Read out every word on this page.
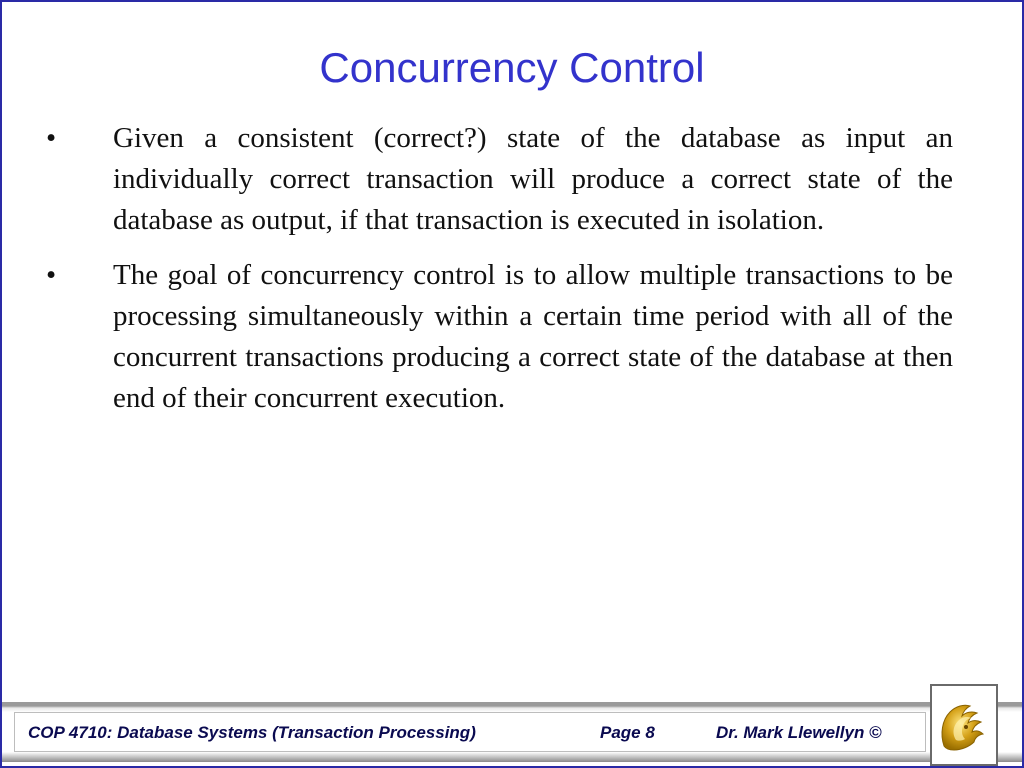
Concurrency Control
• Given a consistent (correct?) state of the database as input an individually correct transaction will produce a correct state of the database as output, if that transaction is executed in isolation.
• The goal of concurrency control is to allow multiple transactions to be processing simultaneously within a certain time period with all of the concurrent transactions producing a correct state of the database at then end of their concurrent execution.
COP 4710: Database Systems (Transaction Processing)	Page 8	Dr. Mark Llewellyn ©
